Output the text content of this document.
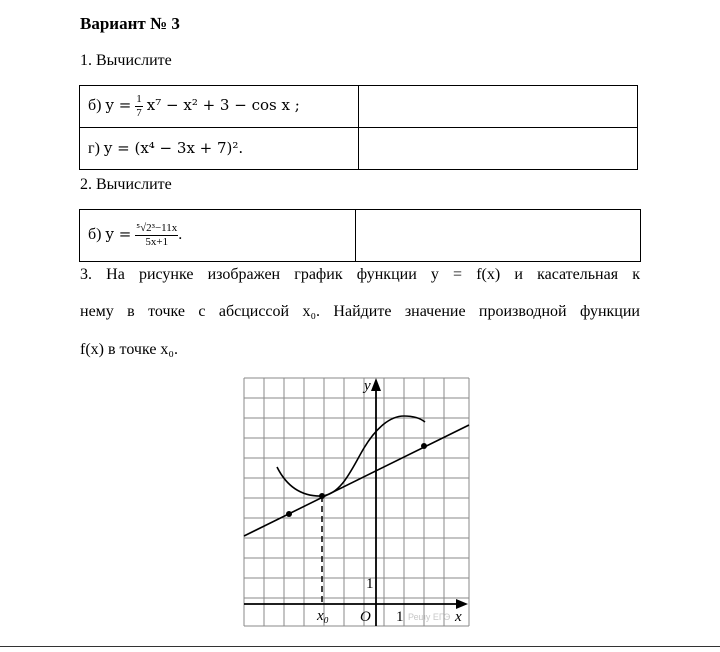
Вариант № 3
1. Вычислите
б) $y = \frac{1}{7} x^7 - x^2 + 3 - \cos x$ ;	
г) y = (x⁴ − 3x + 7)².	
2. Вычислите
б) $y = \frac{\text{⁵√2³−11x}}{5x+1}$ .	
3. На рисунке изображен график функции y = f(x) и касательная к
нему в точке с абсциссой x₀. Найдите значение производной функции
f(x) в точке x₀.
y
x
O 1
1
x₀	Решу ЕГЭ
